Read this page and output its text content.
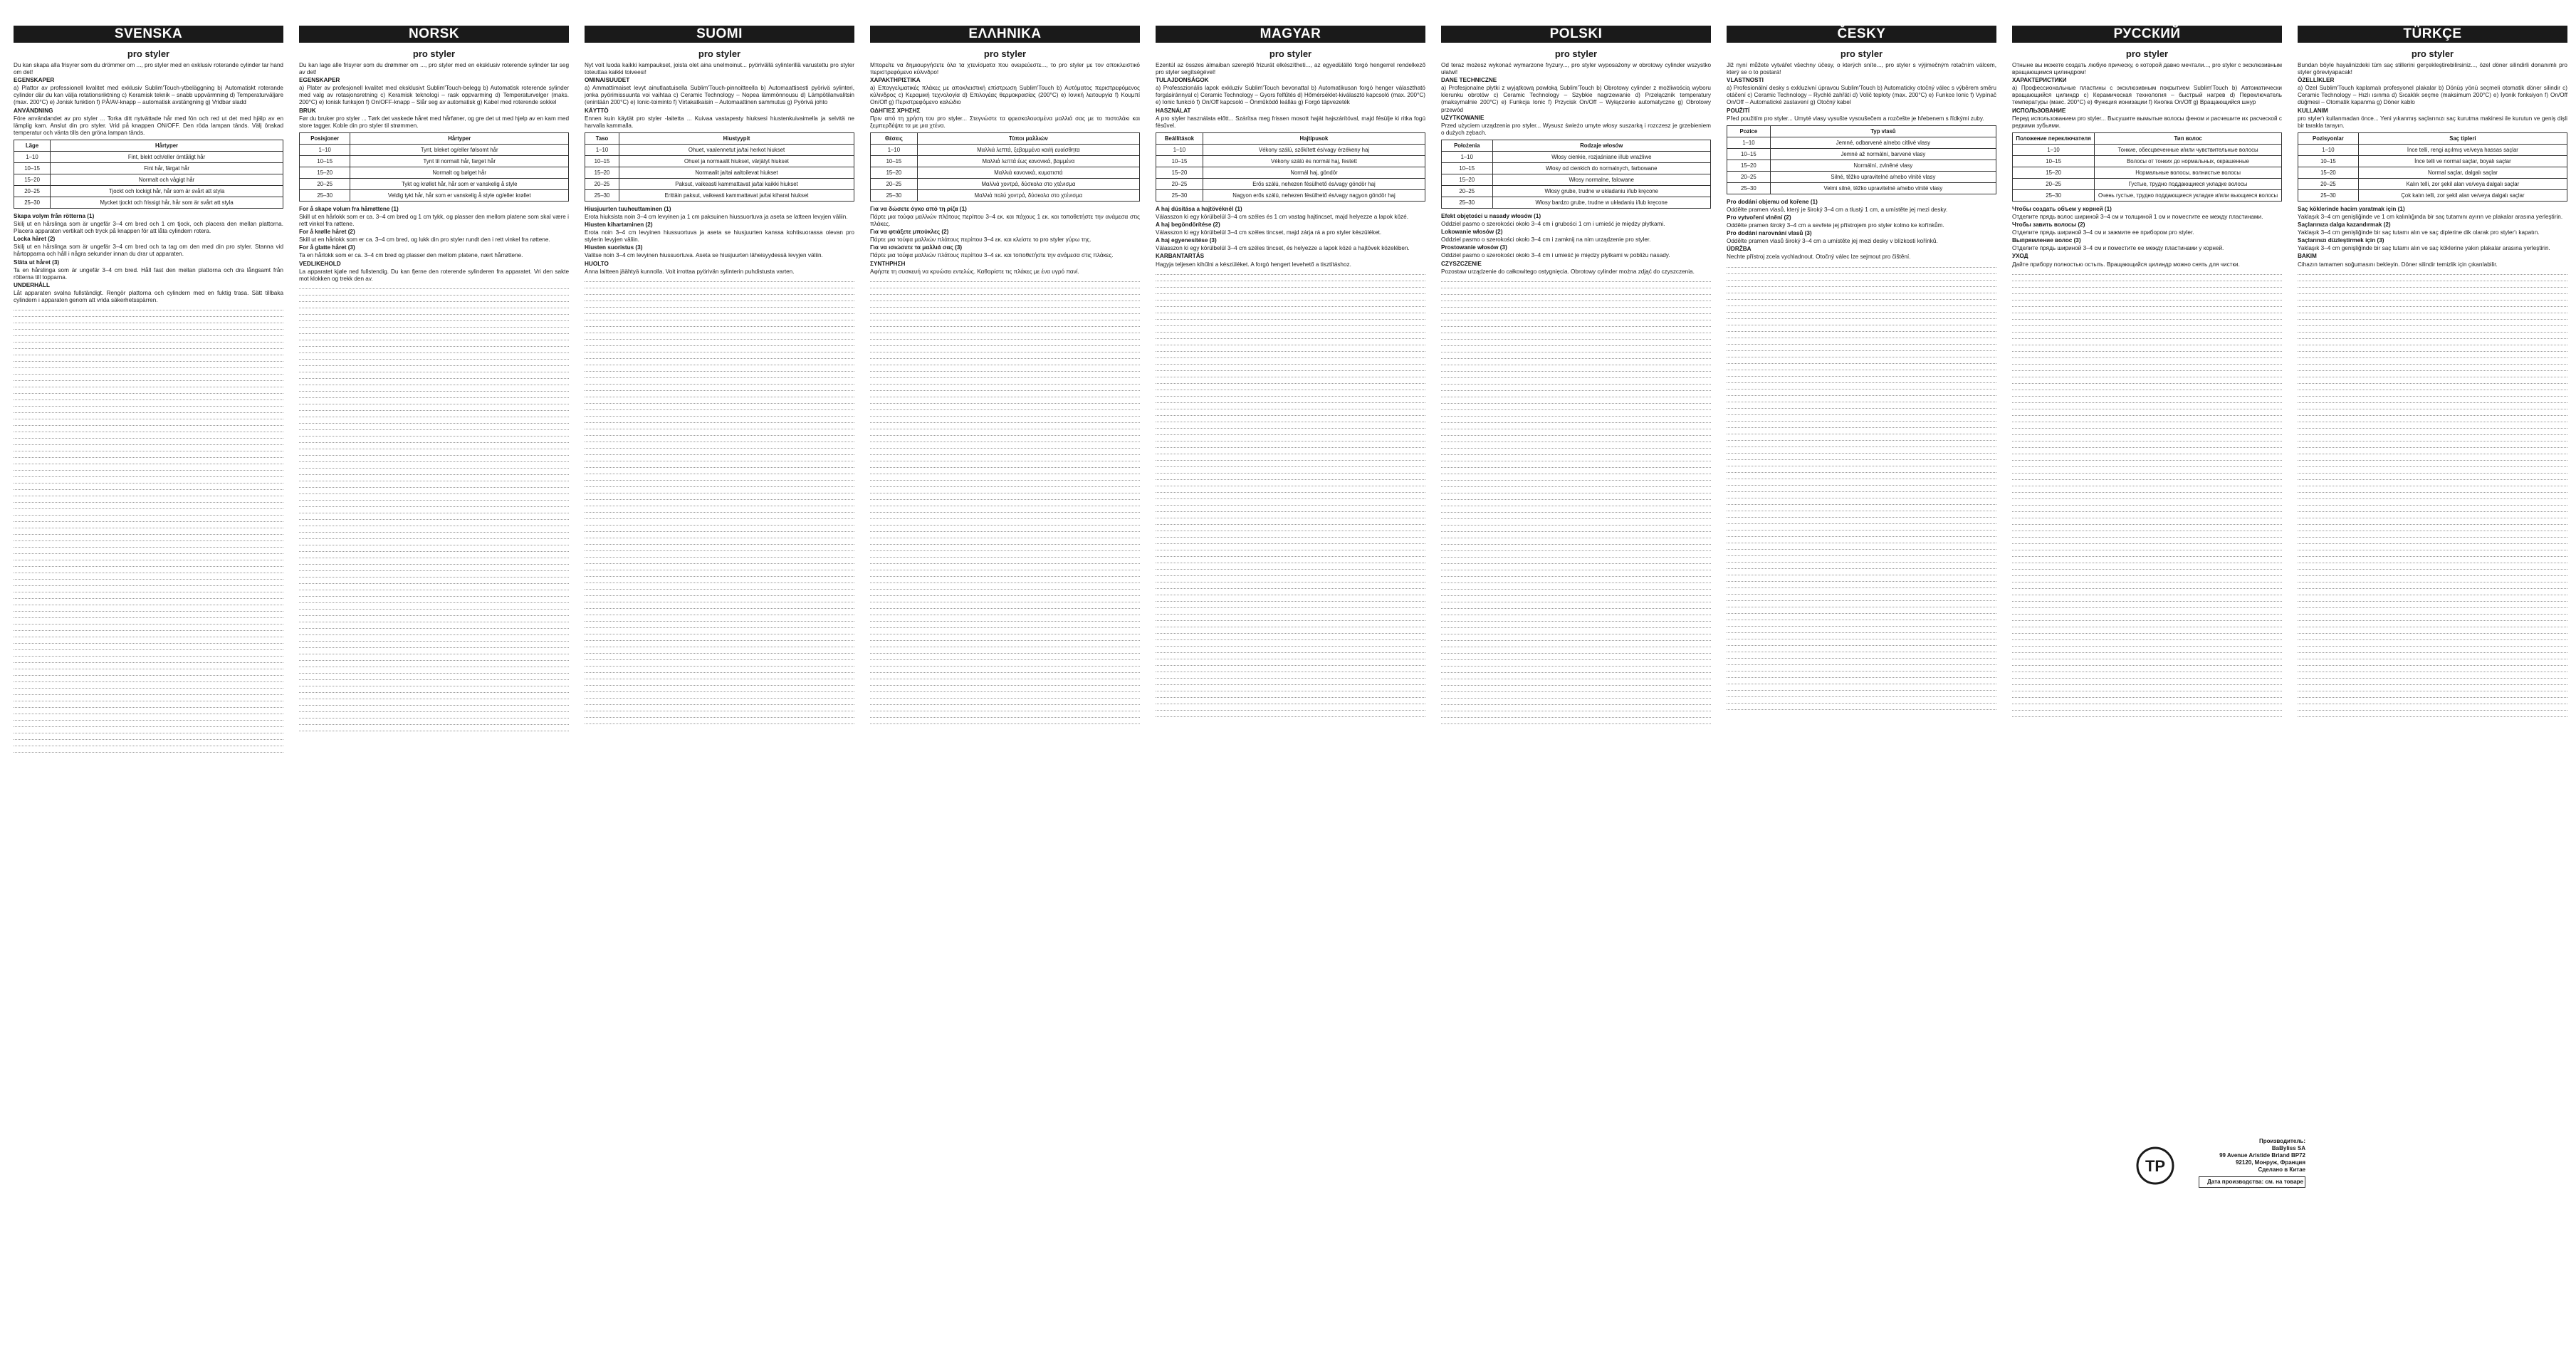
SVENSKA
pro styler

Du kan skapa alla frisyrer som du drömmer om ..., pro styler med en exklusiv roterande cylinder tar hand om det!

EGENSKAPER

a) Plattor av professionell kvalitet med exklusiv Sublim'Touch-ytbeläggning b) Automatiskt roterande cylinder där du kan välja rotationsriktning c) Keramisk teknik – snabb uppvärmning d) Temperaturväljare (max. 200°C) e) Jonisk funktion f) PÅ/AV-knapp – automatisk avstängning g) Vridbar sladd

ANVÄNDNING

Före användandet av pro styler ... Torka ditt nytvättade hår med fön och red ut det med hjälp av en lämplig kam. Anslut din pro styler. Vrid på knappen ON/OFF. Den röda lampan tänds. Välj önskad temperatur och vänta tills den gröna lampan tänds.

Läge	Hårtyper
1–10	Fint, blekt och/eller ömtåligt hår
10–15	Fint hår, färgat hår
15–20	Normalt och vågigt hår
20–25	Tjockt och lockigt hår, hår som är svårt att styla
25–30	Mycket tjockt och frissigt hår, hår som är svårt att styla

Skapa volym från rötterna (1)

Skilj ut en hårslinga som är ungefär 3–4 cm bred och 1 cm tjock, och placera den mellan plattorna. Placera apparaten vertikalt och tryck på knappen för att låta cylindern rotera.

Locka håret (2)

Skilj ut en hårslinga som är ungefär 3–4 cm bred och ta tag om den med din pro styler. Stanna vid hårtopparna och håll i några sekunder innan du drar ut apparaten.

Släta ut håret (3)

Ta en hårslinga som är ungefär 3–4 cm bred. Håll fast den mellan plattorna och dra långsamt från rötterna till topparna.

UNDERHÅLL

Låt apparaten svalna fullständigt. Rengör plattorna och cylindern med en fuktig trasa. Sätt tillbaka cylindern i apparaten genom att vrida säkerhetsspärren.

NORSK
pro styler

Du kan lage alle frisyrer som du drømmer om ..., pro styler med en eksklusiv roterende sylinder tar seg av det!

EGENSKAPER

a) Plater av profesjonell kvalitet med eksklusivt Sublim'Touch-belegg b) Automatisk roterende sylinder med valg av rotasjonsretning c) Keramisk teknologi – rask oppvarming d) Temperaturvelger (maks. 200°C) e) Ionisk funksjon f) On/OFF-knapp – Slår seg av automatisk g) Kabel med roterende sokkel

BRUK

Før du bruker pro styler ... Tørk det vaskede håret med hårføner, og gre det ut med hjelp av en kam med store tagger. Koble din pro styler til strømmen.

Posisjoner	Hårtyper
1–10	Tynt, bleket og/eller følsomt hår
10–15	Tynt til normalt hår, farget hår
15–20	Normalt og bølget hår
20–25	Tykt og krøllet hår, hår som er vanskelig å style
25–30	Veldig tykt hår, hår som er vanskelig å style og/eller krøllet

For å skape volum fra hårrøttene (1)

Skill ut en hårlokk som er ca. 3–4 cm bred og 1 cm tykk, og plasser den mellom platene som skal være i rett vinkel fra røttene.

For å krølle håret (2)

Skill ut en hårlokk som er ca. 3–4 cm bred, og lukk din pro styler rundt den i rett vinkel fra røttene.

For å glatte håret (3)

Ta en hårlokk som er ca. 3–4 cm bred og plasser den mellom platene, nært hårrøttene.

VEDLIKEHOLD

La apparatet kjøle ned fullstendig. Du kan fjerne den roterende sylinderen fra apparatet. Vri den sakte mot klokken og trekk den av.

SUOMI
pro styler

Nyt voit luoda kaikki kampaukset, joista olet aina unelmoinut... pyörivällä sylinterillä varustettu pro styler toteuttaa kaikki toiveesi!

OMINAISUUDET

a) Ammattimaiset levyt ainutlaatuisella Sublim'Touch-pinnoitteella b) Automaattisesti pyörivä sylinteri, jonka pyörimissuunta voi vaihtaa c) Ceramic Technology – Nopea lämmönnousu d) Lämpötilanvalitsin (enintään 200°C) e) Ionic-toiminto f) Virtakatkaisin – Automaattinen sammutus g) Pyörivä johto

KÄYTTÖ

Ennen kuin käytät pro styler -laitetta ... Kuivaa vastapesty hiuksesi hiustenkuivaimella ja selvitä ne harvalla kammalla.

Taso	Hiustyypit
1–10	Ohuet, vaalennetut ja/tai herkot hiukset
10–15	Ohuet ja normaalit hiukset, värjätyt hiukset
15–20	Normaalit ja/tai aaltoilevat hiukset
20–25	Paksut, vaikeasti kammattavat ja/tai kaikki hiukset
25–30	Erittäin paksut, vaikeasti kammattavat ja/tai kiharat hiukset

Hiusjuurten tuuheuttaminen (1)

Erota hiuksista noin 3–4 cm levyinen ja 1 cm paksuinen hiussuortuva ja aseta se latteen levyjen väliin.

Hiusten kihartaminen (2)

Erota noin 3–4 cm levyinen hiussuortuva ja aseta se hiusjuurten kanssa kohtisuorassa olevan pro stylerin levyjen väliin.

Hiusten suoristus (3)

Valitse noin 3–4 cm levyinen hiussuortuva. Aseta se hiusjuurten läheisyydessä levyjen väliin.

HUOLTO

Anna laitteen jäähtyä kunnolla. Voit irrottaa pyörivän sylinterin puhdistusta varten.

ΕΛΛΗΝΙΚΑ
pro styler

Μπορείτε να δημιουργήσετε όλα τα χτενίσματα που ονειρεύεστε..., το pro styler με τον αποκλειστικό περιστρεφόμενο κύλινδρο!

ΧΑΡΑΚΤΗΡΙΣΤΙΚΑ

a) Επαγγελματικές πλάκες με αποκλειστική επίστρωση Sublim'Touch b) Αυτόματος περιστρεφόμενος κύλινδρος c) Κεραμική τεχνολογία d) Επιλογέας θερμοκρασίας (200°C) e) Ιονική λειτουργία f) Κουμπί On/Off g) Περιστρεφόμενο καλώδιο

ΟΔΗΓΙΕΣ ΧΡΗΣΗΣ

Πριν από τη χρήση του pro styler... Στεγνώστε τα φρεσκολουσμένα μαλλιά σας με το πιστολάκι και ξεμπερδέψτε τα με μια χτένα.

Θέσεις	Τύποι μαλλιών
1–10	Μαλλιά λεπτά, ξεβαμμένα και/ή ευαίσθητα
10–15	Μαλλιά λεπτά έως κανονικά, βαμμένα
15–20	Μαλλιά κανονικά, κυματιστά
20–25	Μαλλιά χοντρά, δύσκολα στο χτένισμα
25–30	Μαλλιά πολύ χοντρά, δύσκολα στο χτένισμα

Για να δώσετε όγκο από τη ρίζα (1)

Πάρτε μια τούφα μαλλιών πλάτους περίπου 3–4 εκ. και πάχους 1 εκ. και τοποθετήστε την ανάμεσα στις πλάκες.

Για να φτιάξετε μπούκλες (2)

Πάρτε μια τούφα μαλλιών πλάτους περίπου 3–4 εκ. και κλείστε το pro styler γύρω της.

Για να ισιώσετε τα μαλλιά σας (3)

Πάρτε μια τούφα μαλλιών πλάτους περίπου 3–4 εκ. και τοποθετήστε την ανάμεσα στις πλάκες.

ΣΥΝΤΗΡΗΣΗ

Αφήστε τη συσκευή να κρυώσει εντελώς. Καθαρίστε τις πλάκες με ένα υγρό πανί.

MAGYAR
pro styler

Ezentúl az összes álmaiban szereplő frizurát elkészítheti..., az egyedülálló forgó hengerrel rendelkező pro styler segítségével!

TULAJDONSÁGOK

a) Professzionális lapok exkluzív Sublim'Touch bevonattal b) Automatikusan forgó henger választható forgásiránnyal c) Ceramic Technology – Gyors felfűtés d) Hőmérséklet-kiválasztó kapcsoló (max. 200°C) e) Ionic funkció f) On/Off kapcsoló – Önműködő leállás g) Forgó tápvezeték

HASZNÁLAT

A pro styler használata előtt... Szárítsa meg frissen mosott haját hajszárítóval, majd fésülje ki ritka fogú fésűvel.

Beállítások	Hajtípusok
1–10	Vékony szálú, szőkített és/vagy érzékeny haj
10–15	Vékony szálú és normál haj, festett
15–20	Normál haj, göndör
20–25	Erős szálú, nehezen fésülhető és/vagy göndör haj
25–30	Nagyon erős szálú, nehezen fésülhető és/vagy nagyon göndör haj

A haj dúsítása a hajtövéknél (1)

Válasszon ki egy körülbelül 3–4 cm széles és 1 cm vastag hajtincset, majd helyezze a lapok közé.

A haj begöndörítése (2)

Válasszon ki egy körülbelül 3–4 cm széles tincset, majd zárja rá a pro styler készüléket.

A haj egyenesítése (3)

Válasszon ki egy körülbelül 3–4 cm széles tincset, és helyezze a lapok közé a hajtövek közelében.

KARBANTARTÁS

Hagyja teljesen kihűlni a készüléket. A forgó hengert levehető a tisztításhoz.

POLSKI
pro styler

Od teraz możesz wykonać wymarzone fryzury..., pro styler wyposażony w obrotowy cylinder wszystko ułatwi!

DANE TECHNICZNE

a) Profesjonalne płytki z wyjątkową powłoką Sublim'Touch b) Obrotowy cylinder z możliwością wyboru kierunku obrotów c) Ceramic Technology – Szybkie nagrzewanie d) Przełącznik temperatury (maksymalnie 200°C) e) Funkcja Ionic f) Przycisk On/Off – Wyłączenie automatyczne g) Obrotowy przewód

UŻYTKOWANIE

Przed użyciem urządzenia pro styler... Wysusz świeżo umyte włosy suszarką i rozczesz je grzebieniem o dużych zębach.

Położenia	Rodzaje włosów
1–10	Włosy cienkie, rozjaśniane i/lub wrażliwe
10–15	Włosy od cienkich do normalnych, farbowane
15–20	Włosy normalne, falowane
20–25	Włosy grube, trudne w układaniu i/lub kręcone
25–30	Włosy bardzo grube, trudne w układaniu i/lub kręcone

Efekt objętości u nasady włosów (1)

Oddziel pasmo o szerokości około 3–4 cm i grubości 1 cm i umieść je między płytkami.

Lokowanie włosów (2)

Oddziel pasmo o szerokości około 3–4 cm i zamknij na nim urządzenie pro styler.

Prostowanie włosów (3)

Oddziel pasmo o szerokości około 3–4 cm i umieść je między płytkami w pobliżu nasady.

CZYSZCZENIE

Pozostaw urządzenie do całkowitego ostygnięcia. Obrotowy cylinder można zdjąć do czyszczenia.

ČESKY
pro styler

Již nyní můžete vytvářet všechny účesy, o kterých sníte..., pro styler s výjimečným rotačním válcem, který se o to postará!

VLASTNOSTI

a) Profesionální desky s exkluzivní úpravou Sublim'Touch b) Automaticky otočný válec s výběrem směru otáčení c) Ceramic Technology – Rychlé zahřátí d) Volič teploty (max. 200°C) e) Funkce Ionic f) Vypínač On/Off – Automatické zastavení g) Otočný kabel

POUŽITÍ

Před použitím pro styler... Umyté vlasy vysušte vysoušečem a rozčešte je hřebenem s řídkými zuby.

Pozice	Typ vlasů
1–10	Jemné, odbarvené a/nebo citlivé vlasy
10–15	Jemné až normální, barvené vlasy
15–20	Normální, zvlněné vlasy
20–25	Silné, těžko upravitelné a/nebo vlnité vlasy
25–30	Velmi silné, těžko upravitelné a/nebo vlnité vlasy

Pro dodání objemu od kořene (1)

Oddělte pramen vlasů, který je široký 3–4 cm a tlustý 1 cm, a umístěte jej mezi desky.

Pro vytvoření vlnění (2)

Oddělte pramen široký 3–4 cm a sevřete jej přístrojem pro styler kolmo ke kořínkům.

Pro dodání narovnání vlasů (3)

Oddělte pramen vlasů široký 3–4 cm a umístěte jej mezi desky v blízkosti kořínků.

ÚDRŽBA

Nechte přístroj zcela vychladnout. Otočný válec lze sejmout pro čištění.

РУССКИЙ
pro styler

Отныне вы можете создать любую прическу, о которой давно мечтали..., pro styler с эксклюзивным вращающимся цилиндром!

ХАРАКТЕРИСТИКИ

a) Профессиональные пластины с эксклюзивным покрытием Sublim'Touch b) Автоматически вращающийся цилиндр c) Керамическая технология – быстрый нагрев d) Переключатель температуры (макс. 200°C) e) Функция ионизации f) Кнопка On/Off g) Вращающийся шнур

ИСПОЛЬЗОВАНИЕ

Перед использованием pro styler... Высушите вымытые волосы феном и расчешите их расческой с редкими зубьями.

Положение переключателя	Тип волос
1–10	Тонкие, обесцвеченные и/или чувствительные волосы
10–15	Волосы от тонких до нормальных, окрашенные
15–20	Нормальные волосы, волнистые волосы
20–25	Густые, трудно поддающиеся укладке волосы
25–30	Очень густые, трудно поддающиеся укладке и/или вьющиеся волосы

Чтобы создать объем у корней (1)

Отделите прядь волос шириной 3–4 см и толщиной 1 см и поместите ее между пластинами.

Чтобы завить волосы (2)

Отделите прядь шириной 3–4 см и зажмите ее прибором pro styler.

Выпрямление волос (3)

Отделите прядь шириной 3–4 см и поместите ее между пластинами у корней.

УХОД

Дайте прибору полностью остыть. Вращающийся цилиндр можно снять для чистки.

TÜRKÇE
pro styler

Bundan böyle hayalinizdeki tüm saç stillerini gerçekleştirebilirsiniz..., özel döner silindirli donanımlı pro styler göreviyapacak!

ÖZELLİKLER

a) Özel Sublim'Touch kaplamalı profesyonel plakalar b) Dönüş yönü seçmeli otomatik döner silindir c) Ceramic Technology – Hızlı ısınma d) Sıcaklık seçme (maksimum 200°C) e) İyonik fonksiyon f) On/Off düğmesi – Otomatik kapanma g) Döner kablo

KULLANIM

pro styler'ı kullanmadan önce... Yeni yıkanmış saçlarınızı saç kurutma makinesi ile kurutun ve geniş dişli bir tarakla tarayın.

Pozisyonlar	Saç tipleri
1–10	İnce telli, rengi açılmış ve/veya hassas saçlar
10–15	İnce telli ve normal saçlar, boyalı saçlar
15–20	Normal saçlar, dalgalı saçlar
20–25	Kalın telli, zor şekil alan ve/veya dalgalı saçlar
25–30	Çok kalın telli, zor şekil alan ve/veya dalgalı saçlar

Saç köklerinde hacim yaratmak için (1)

Yaklaşık 3–4 cm genişliğinde ve 1 cm kalınlığında bir saç tutamını ayırın ve plakalar arasına yerleştirin.

Saçlarınıza dalga kazandırmak (2)

Yaklaşık 3–4 cm genişliğinde bir saç tutamı alın ve saç diplerine dik olarak pro styler'ı kapatın.

Saçlarınızı düzleştirmek için (3)

Yaklaşık 3–4 cm genişliğinde bir saç tutamı alın ve saç köklerine yakın plakalar arasına yerleştirin.

BAKIM

Cihazın tamamen soğumasını bekleyin. Döner silindir temizlik için çıkarılabilir.

ТР
Производитель:
BaByliss SA
99 Avenue Aristide Briand BP72
92120, Монруж, Франция
Сделано в Китае
Дата производства: см. на товаре
